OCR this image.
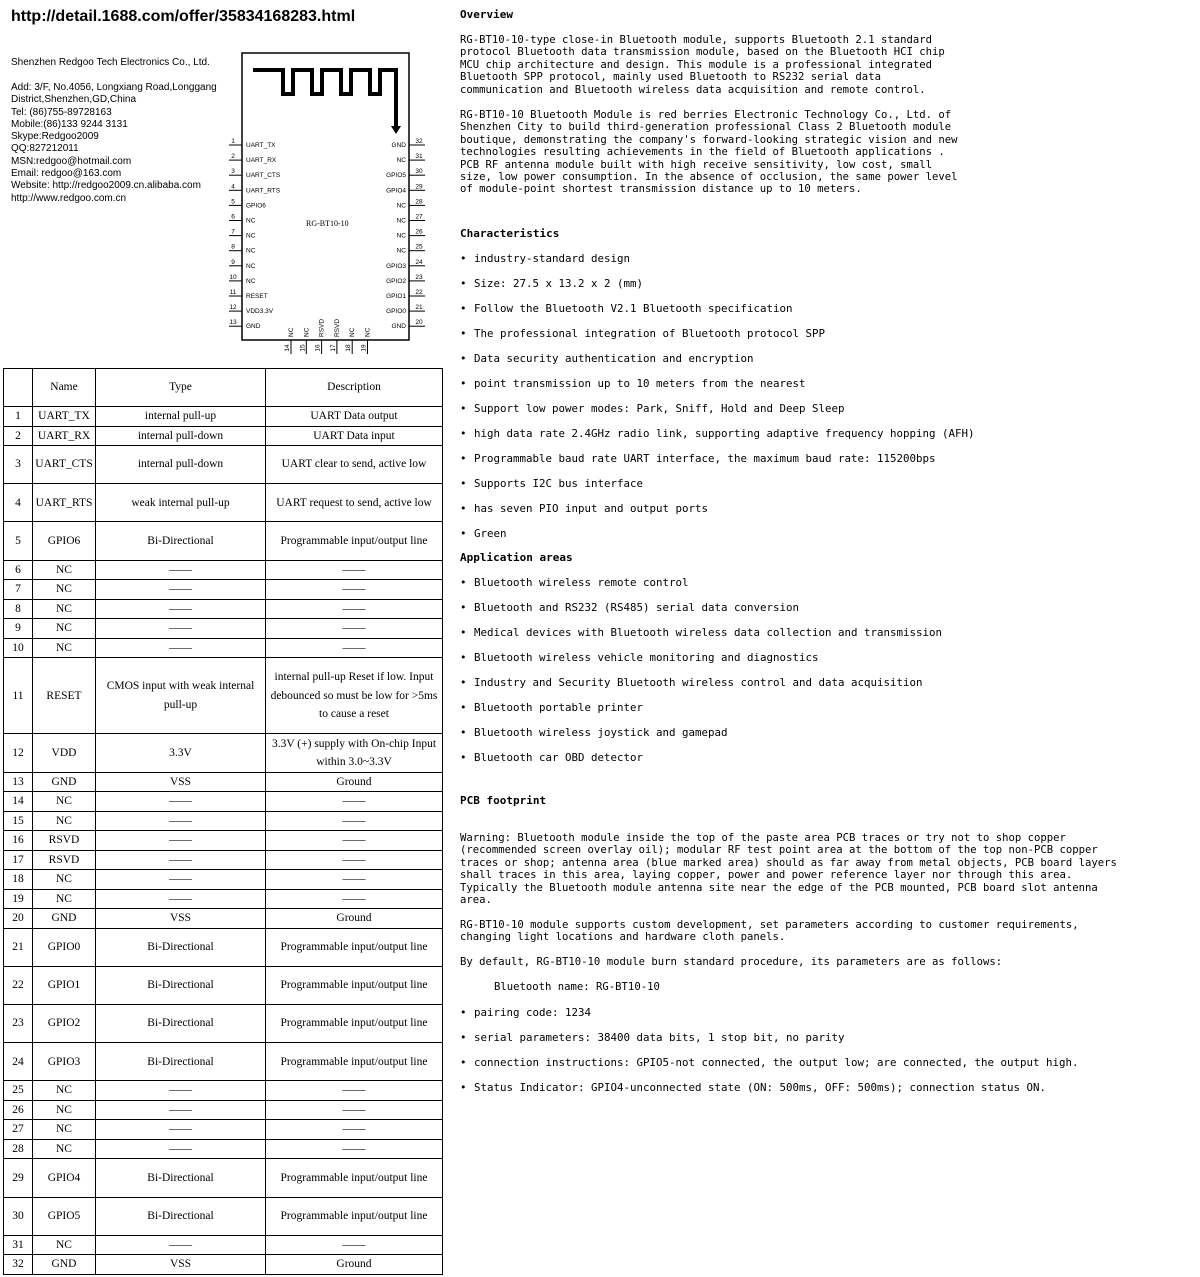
http://detail.1688.com/offer/35834168283.html
Shenzhen Redgoo Tech Electronics Co., Ltd.
Add: 3/F, No.4056, Longxiang Road,Longgang
District,Shenzhen,GD,China
Tel: (86)755-89728163
Mobile:(86)133 9244 3131
Skype:Redgoo2009
QQ:827212011
MSN:redgoo@hotmail.com
Email: redgoo@163.com
Website: http://redgoo2009.cn.alibaba.com
http://www.redgoo.com.cn
RG-BT10-10
1
UART_TX
2
UART_RX
3
UART_CTS
4
UART_RTS
5
GPIO6
6
NC
7
NC
8
NC
9
NC
10
NC
11
RESET
12
VDD3.3V
13
GND
32
GND
31
NC
30
GPIO5
29
GPIO4
28
NC
27
NC
26
NC
25
NC
24
GPIO3
23
GPIO2
22
GPIO1
21
GPIO0
20
GND
14
NC
15
NC
16
RSVD
17
RSVD
18
NC
19
NC
	Name	Type	Description
1	UART_TX	internal pull-up	UART Data output
2	UART_RX	internal pull-down	UART Data input
3	UART_CTS	internal pull-down	UART clear to send, active low
4	UART_RTS	weak internal pull-up	UART request to send, active low
5	GPIO6	Bi-Directional	Programmable input/output line
6	NC	——	——
7	NC	——	——
8	NC	——	——
9	NC	——	——
10	NC	——	——
11	RESET	CMOS input with weak internal pull-up	internal pull-up Reset if low. Input debounced so must be low for >5ms to cause a reset
12	VDD	3.3V	3.3V (+) supply with On-chip Input within 3.0~3.3V
13	GND	VSS	Ground
14	NC	——	——
15	NC	——	——
16	RSVD	——	——
17	RSVD	——	——
18	NC	——	——
19	NC	——	——
20	GND	VSS	Ground
21	GPIO0	Bi-Directional	Programmable input/output line
22	GPIO1	Bi-Directional	Programmable input/output line
23	GPIO2	Bi-Directional	Programmable input/output line
24	GPIO3	Bi-Directional	Programmable input/output line
25	NC	——	——
26	NC	——	——
27	NC	——	——
28	NC	——	——
29	GPIO4	Bi-Directional	Programmable input/output line
30	GPIO5	Bi-Directional	Programmable input/output line
31	NC	——	——
32	GND	VSS	Ground
Overview
RG-BT10-10-type close-in Bluetooth module, supports Bluetooth 2.1 standard
protocol Bluetooth data transmission module, based on the Bluetooth HCI chip
MCU chip architecture and design. This module is a professional integrated
Bluetooth SPP protocol, mainly used Bluetooth to RS232 serial data
communication and Bluetooth wireless data acquisition and remote control.
RG-BT10-10 Bluetooth Module is red berries Electronic Technology Co., Ltd. of
Shenzhen City to build third-generation professional Class 2 Bluetooth module
boutique, demonstrating the company's forward-looking strategic vision and new
technologies resulting achievements in the field of Bluetooth applications .
PCB RF antenna module built with high receive sensitivity, low cost, small
size, low power consumption. In the absence of occlusion, the same power level
of module-point shortest transmission distance up to 10 meters.
Characteristics
• industry-standard design
• Size: 27.5 x 13.2 x 2 (mm)
• Follow the Bluetooth V2.1 Bluetooth specification
• The professional integration of Bluetooth protocol SPP
• Data security authentication and encryption
• point transmission up to 10 meters from the nearest
• Support low power modes: Park, Sniff, Hold and Deep Sleep
• high data rate 2.4GHz radio link, supporting adaptive frequency hopping (AFH)
• Programmable baud rate UART interface, the maximum baud rate: 115200bps
• Supports I2C bus interface
• has seven PIO input and output ports
• Green
Application areas
• Bluetooth wireless remote control
• Bluetooth and RS232 (RS485) serial data conversion
• Medical devices with Bluetooth wireless data collection and transmission
• Bluetooth wireless vehicle monitoring and diagnostics
• Industry and Security Bluetooth wireless control and data acquisition
• Bluetooth portable printer
• Bluetooth wireless joystick and gamepad
• Bluetooth car OBD detector
PCB footprint
Warning: Bluetooth module inside the top of the paste area PCB traces or try not to shop copper
(recommended screen overlay oil); modular RF test point area at the bottom of the top non-PCB copper
traces or shop; antenna area (blue marked area) should as far away from metal objects, PCB board layers
shall traces in this area, laying copper, power and power reference layer nor through this area.
Typically the Bluetooth module antenna site near the edge of the PCB mounted, PCB board slot antenna
area.
RG-BT10-10 module supports custom development, set parameters according to customer requirements,
changing light locations and hardware cloth panels.
By default, RG-BT10-10 module burn standard procedure, its parameters are as follows:
Bluetooth name: RG-BT10-10
• pairing code: 1234
• serial parameters: 38400 data bits, 1 stop bit, no parity
• connection instructions: GPIO5-not connected, the output low; are connected, the output high.
• Status Indicator: GPIO4-unconnected state (ON: 500ms, OFF: 500ms); connection status ON.
